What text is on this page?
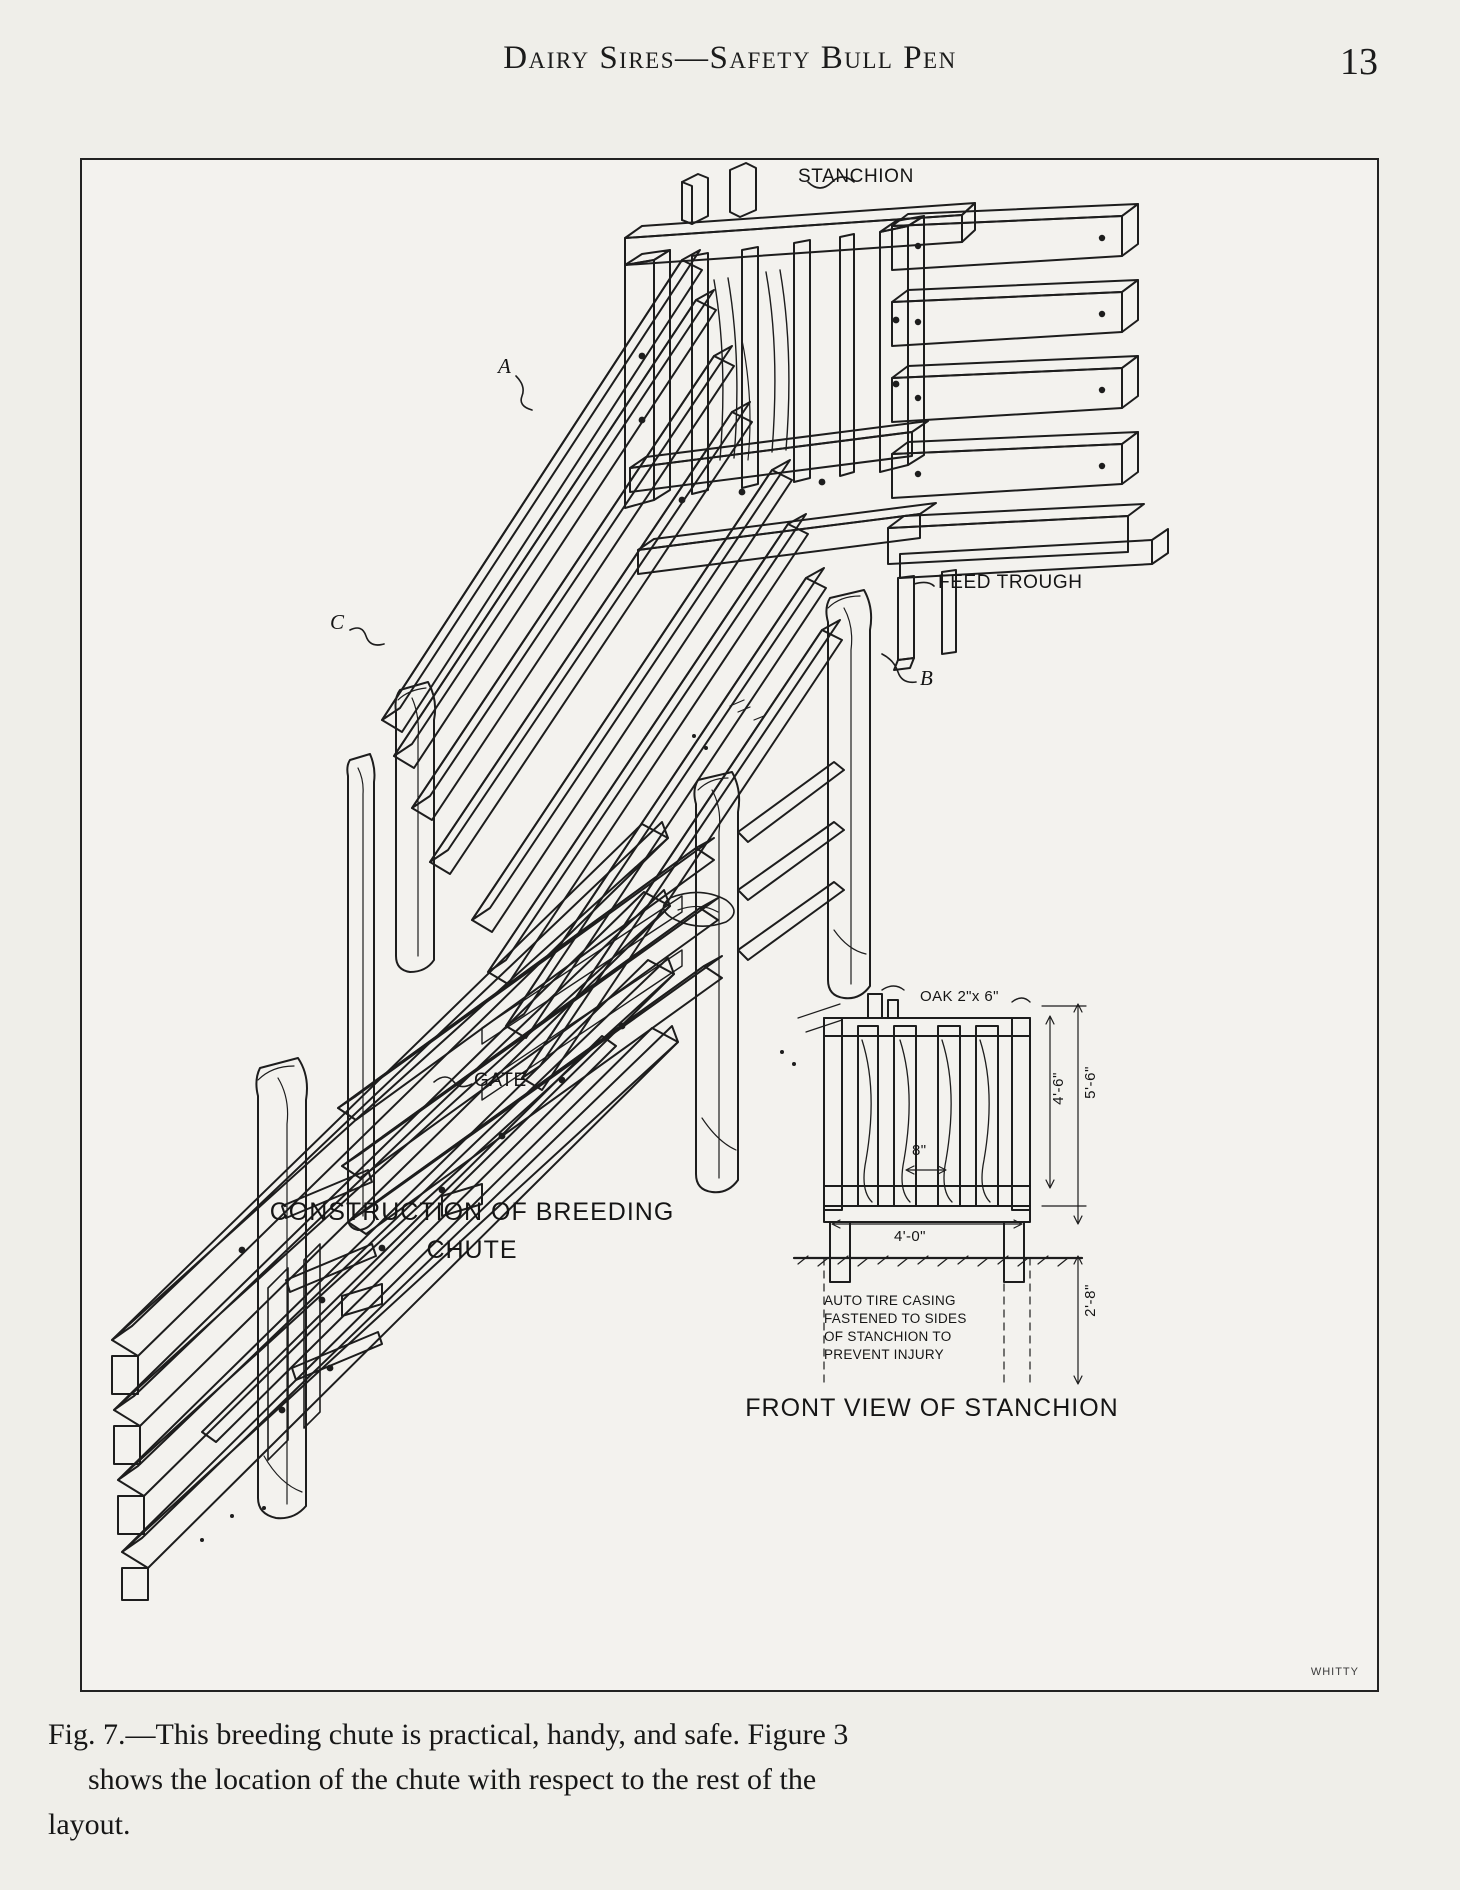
Dairy Sires—Safety Bull Pen	13
STANCHION
A
B
C
FEED TROUGH
GATE
CONSTRUCTION OF BREEDING
CHUTE
OAK 2"x 6"
4'-6" 5'-6"
2'-8"
8"
4'-0"
AUTO TIRE CASING
FASTENED TO SIDES
OF STANCHION TO
PREVENT INJURY
FRONT VIEW OF STANCHION
WHITTY
Fig. 7.—This breeding chute is practical, handy, and safe. Figure 3
shows the location of the chute with respect to the rest of the
layout.
